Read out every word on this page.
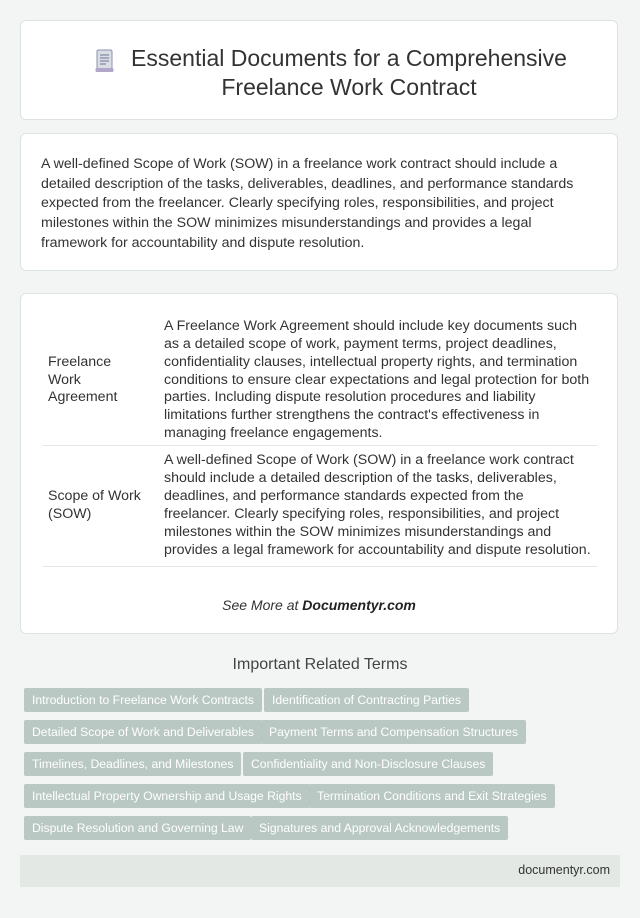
Essential Documents for a Comprehensive Freelance Work Contract

A well-defined Scope of Work (SOW) in a freelance work contract should include a detailed description of the tasks, deliverables, deadlines, and performance standards expected from the freelancer. Clearly specifying roles, responsibilities, and project milestones within the SOW minimizes misunderstandings and provides a legal framework for accountability and dispute resolution.

Freelance Work Agreement	A Freelance Work Agreement should include key documents such as a detailed scope of work, payment terms, project deadlines, confidentiality clauses, intellectual property rights, and termination conditions to ensure clear expectations and legal protection for both parties. Including dispute resolution procedures and liability limitations further strengthens the contract's effectiveness in managing freelance engagements.
Scope of Work (SOW)	A well-defined Scope of Work (SOW) in a freelance work contract should include a detailed description of the tasks, deliverables, deadlines, and performance standards expected from the freelancer. Clearly specifying roles, responsibilities, and project milestones within the SOW minimizes misunderstandings and provides a legal framework for accountability and dispute resolution.
See More at Documentyr.com
Important Related Terms
Introduction to Freelance Work Contracts	Identification of Contracting Parties
Detailed Scope of Work and Deliverables	Payment Terms and Compensation Structures
Timelines, Deadlines, and Milestones	Confidentiality and Non-Disclosure Clauses
Intellectual Property Ownership and Usage Rights	Termination Conditions and Exit Strategies
Dispute Resolution and Governing Law	Signatures and Approval Acknowledgements
documentyr.com
